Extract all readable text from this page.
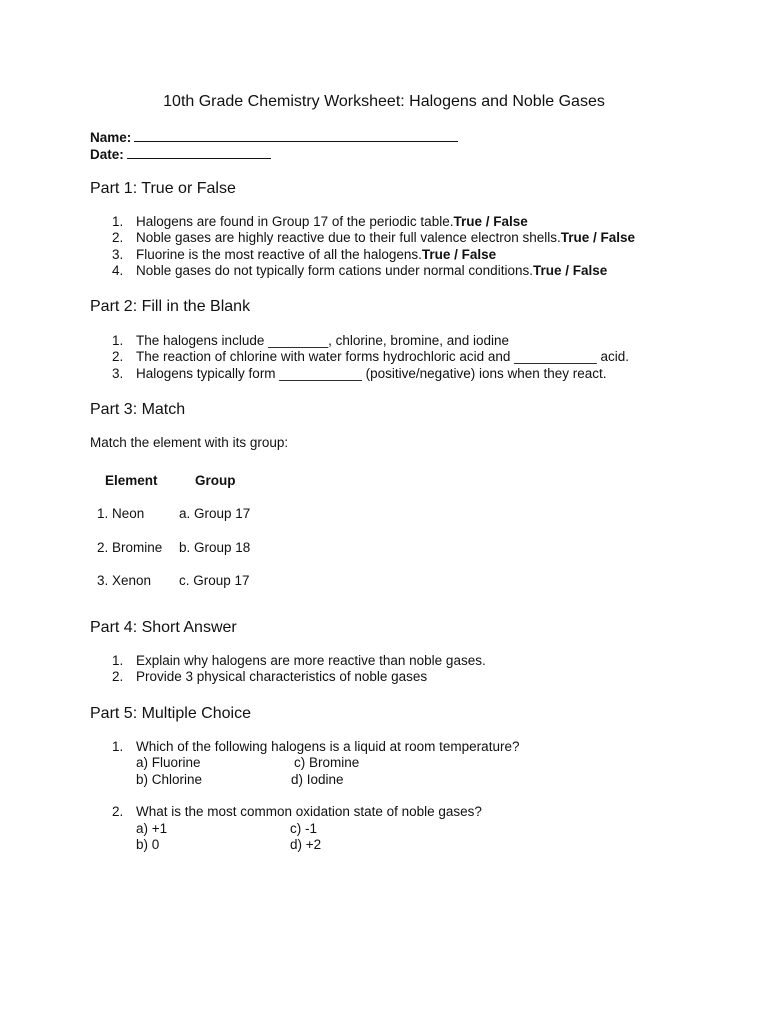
10th Grade Chemistry Worksheet: Halogens and Noble Gases
Name:
Date:
Part 1: True or False
1. Halogens are found in Group 17 of the periodic table.True / False
2. Noble gases are highly reactive due to their full valence electron shells.True / False
3. Fluorine is the most reactive of all the halogens.True / False
4. Noble gases do not typically form cations under normal conditions.True / False
Part 2: Fill in the Blank
1. The halogens include ________, chlorine, bromine, and iodine
2. The reaction of chlorine with water forms hydrochloric acid and ___________ acid.
3. Halogens typically form ___________ (positive/negative) ions when they react.
Part 3: Match
Match the element with its group:
Element	Group
1. Neon	a. Group 17
2. Bromine b. Group 18
3. Xenon c. Group 17
Part 4: Short Answer
1. Explain why halogens are more reactive than noble gases.
2. Provide 3 physical characteristics of noble gases
Part 5: Multiple Choice
1. Which of the following halogens is a liquid at room temperature?
a) Fluorine	c) Bromine
b) Chlorine	d) Iodine
2. What is the most common oxidation state of noble gases?
a) +1	c) -1
b) 0	d) +2
